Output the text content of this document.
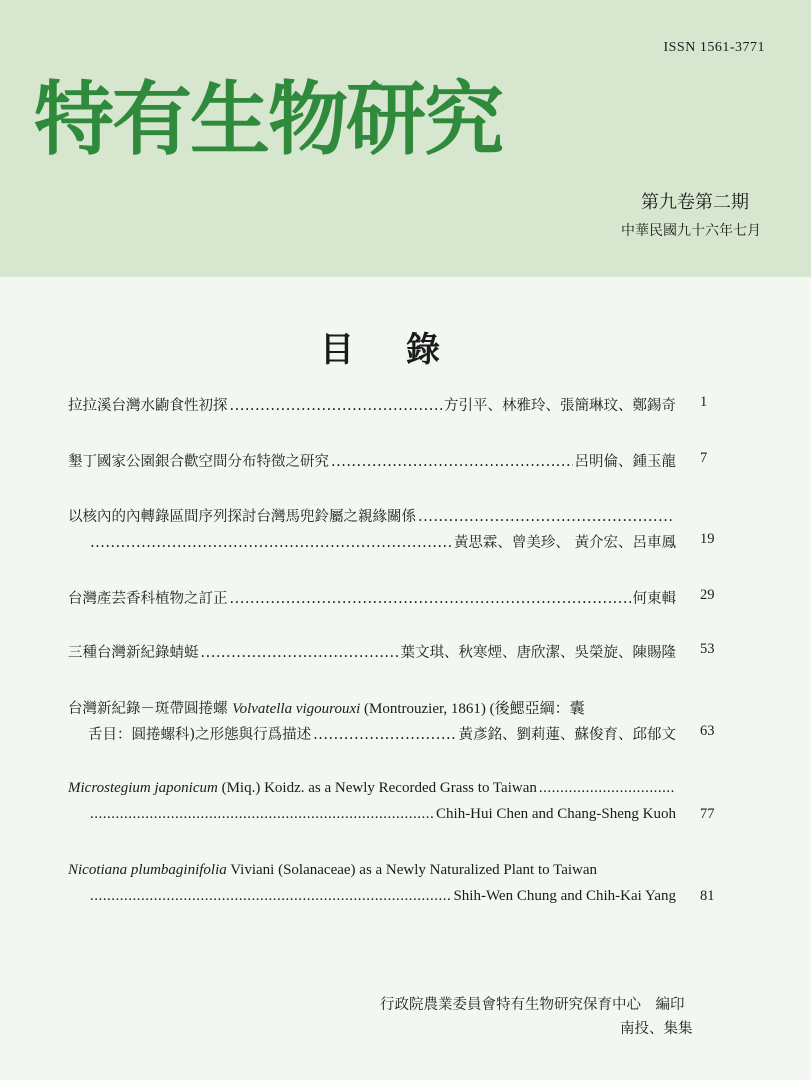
ISSN 1561-3771
特有生物研究
第九卷第二期
中華民國九十六年七月
目錄
拉拉溪台灣水鼩食性初探 .....	方引平、林雅玲、張簡琳玟、鄭錫奇 1
墾丁國家公園銀合歡空間分布特徵之研究 .....	呂明倫、鍾玉龍 7
以核內的內轉錄區間序列探討台灣馬兜鈴屬之親緣關係
.....
.....
黃思霖、曾美珍、 黃介宏、呂車鳳 19
台灣產芸香科植物之訂正 .....	何東輯 29
三種台灣新紀錄蜻蜓 .....	葉文琪、秋寒煙、唐欣潔、吳榮旋、陳賜隆 53
台灣新紀錄－斑帶圓捲螺 Volvatella vigourouxi (Montrouzier, 1861) (後鰓亞綱：囊
舌目：圓捲螺科)之形態與行爲描述 .....	黃彥銘、劉莉蓮、蘇俊育、邱郁文 63
Microstegium japonicum (Miq.) Koidz. as a Newly Recorded Grass to Taiwan
.....
.....
Chih-Hui Chen and Chang-Sheng Kuoh 77
Nicotiana plumbaginifolia Viviani (Solanaceae) as a Newly Naturalized Plant to Taiwan
.....
Shih-Wen Chung and Chih-Kai Yang 81
行政院農業委員會特有生物研究保育中心　編印
南投、集集
